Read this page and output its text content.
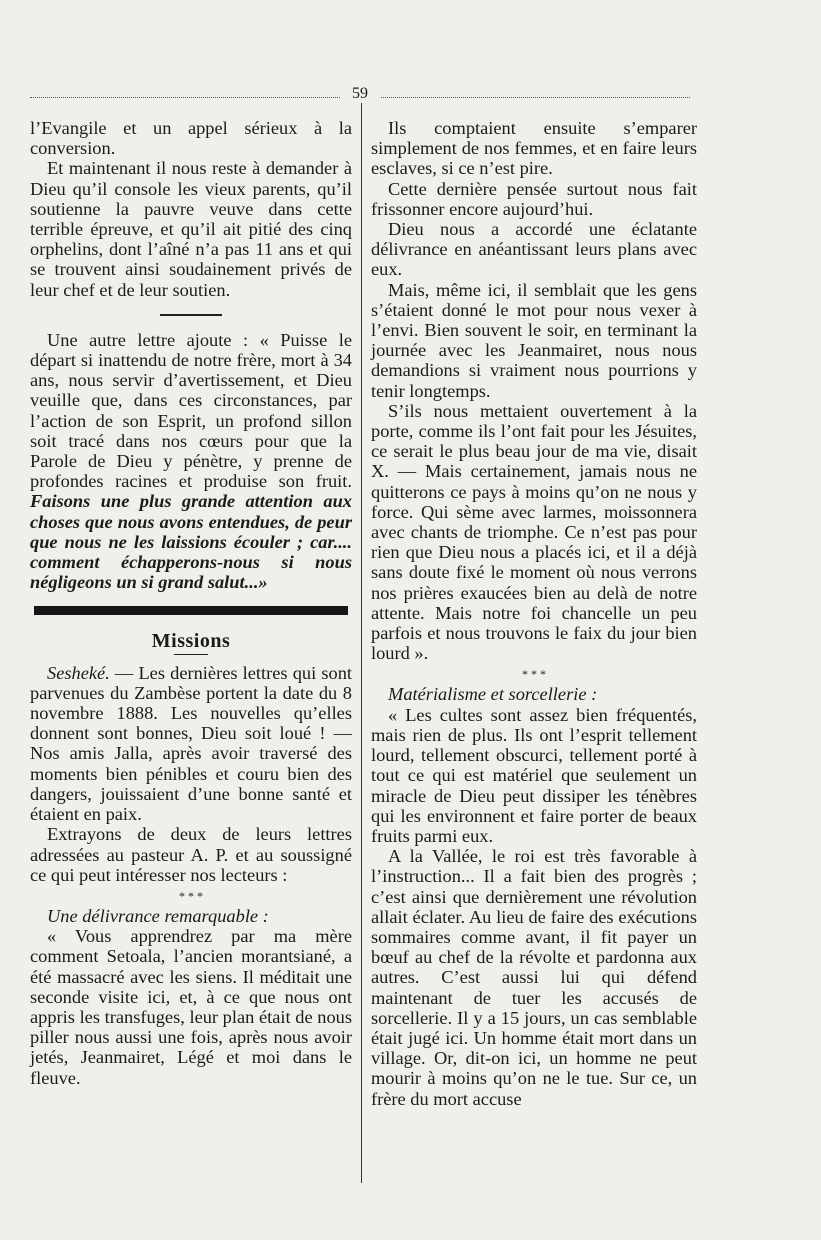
59

l’Evangile et un appel sérieux à la conversion.

Et maintenant il nous reste à demander à Dieu qu’il console les vieux parents, qu’il soutienne la pauvre veuve dans cette terrible épreuve, et qu’il ait pitié des cinq orphelins, dont l’aîné n’a pas 11 ans et qui se trouvent ainsi soudainement privés de leur chef et de leur soutien.

Une autre lettre ajoute : « Puisse le départ si inattendu de notre frère, mort à 34 ans, nous servir d’avertissement, et Dieu veuille que, dans ces circonstances, par l’action de son Esprit, un profond sillon soit tracé dans nos cœurs pour que la Parole de Dieu y pénètre, y prenne de profondes racines et produise son fruit. Faisons une plus grande attention aux choses que nous avons entendues, de peur que nous ne les laissions écouler ; car.... comment échapperons-nous si nous négligeons un si grand salut...»

Missions

Sesheké. — Les dernières lettres qui sont parvenues du Zambèse portent la date du 8 novembre 1888. Les nouvelles qu’elles donnent sont bonnes, Dieu soit loué ! — Nos amis Jalla, après avoir traversé des moments bien pénibles et couru bien des dangers, jouissaient d’une bonne santé et étaient en paix.

Extrayons de deux de leurs lettres adressées au pasteur A. P. et au soussigné ce qui peut intéresser nos lecteurs :

* * *

Une délivrance remarquable :

« Vous apprendrez par ma mère comment Setoala, l’ancien morantsiané, a été massacré avec les siens. Il méditait une seconde visite ici, et, à ce que nous ont appris les transfuges, leur plan était de nous piller nous aussi une fois, après nous avoir jetés, Jeanmairet, Légé et moi dans le fleuve.

Ils comptaient ensuite s’emparer simplement de nos femmes, et en faire leurs esclaves, si ce n’est pire.

Cette dernière pensée surtout nous fait frissonner encore aujourd’hui.

Dieu nous a accordé une éclatante délivrance en anéantissant leurs plans avec eux.

Mais, même ici, il semblait que les gens s’étaient donné le mot pour nous vexer à l’envi. Bien souvent le soir, en terminant la journée avec les Jeanmairet, nous nous demandions si vraiment nous pourrions y tenir longtemps.

S’ils nous mettaient ouvertement à la porte, comme ils l’ont fait pour les Jésuites, ce serait le plus beau jour de ma vie, disait X. — Mais certainement, jamais nous ne quitterons ce pays à moins qu’on ne nous y force. Qui sème avec larmes, moissonnera avec chants de triomphe. Ce n’est pas pour rien que Dieu nous a placés ici, et il a déjà sans doute fixé le moment où nous verrons nos prières exaucées bien au delà de notre attente. Mais notre foi chancelle un peu parfois et nous trouvons le faix du jour bien lourd ».

* * *

Matérialisme et sorcellerie :

« Les cultes sont assez bien fréquentés, mais rien de plus. Ils ont l’esprit tellement lourd, tellement obscurci, tellement porté à tout ce qui est matériel que seulement un miracle de Dieu peut dissiper les ténèbres qui les environnent et faire porter de beaux fruits parmi eux.

A la Vallée, le roi est très favorable à l’instruction... Il a fait bien des progrès ; c’est ainsi que dernièrement une révolution allait éclater. Au lieu de faire des exécutions sommaires comme avant, il fit payer un bœuf au chef de la révolte et pardonna aux autres. C’est aussi lui qui défend maintenant de tuer les accusés de sorcellerie. Il y a 15 jours, un cas semblable était jugé ici. Un homme était mort dans un village. Or, dit-on ici, un homme ne peut mourir à moins qu’on ne le tue. Sur ce, un frère du mort accuse
